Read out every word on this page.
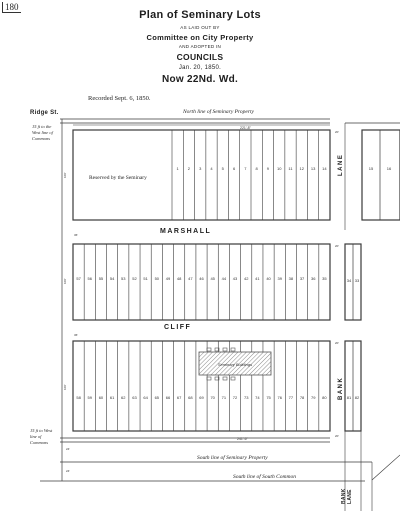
180
Plan of Seminary Lots
AS LAID OUT BY
Committee on City Property
AND ADOPTED IN
COUNCILS
Jan. 20, 1850.
Now 22Nd. Wd.
Recorded Sept. 6, 1850.
Ridge St.
MARSHALL
CLIFF
LANE
BANK
BANK LANE
North line of Seminary Property
South line of Seminary Property
South line of South Common
Reserved by the Seminary
15 ft to the
West line of
Commons
15 ft to West
line of
Commons
221'-8"
241'-6"
100'
100'
100'
20'
20'
20'
20'
36'
36'
24'
24'
Seminary Buildings
1 2 3 4 5 6 7 8 9 10 11 12 13 14	15	16
57 56 55 54 53 52 51 50 49 48 47 46 45 44 43 42 41 40 39 38 37 36 35	34 33
58 59 60 61 62 63 64 65 66 67 68 69 70 71 72 73 74 75 76 77 78 79 80	81 82
